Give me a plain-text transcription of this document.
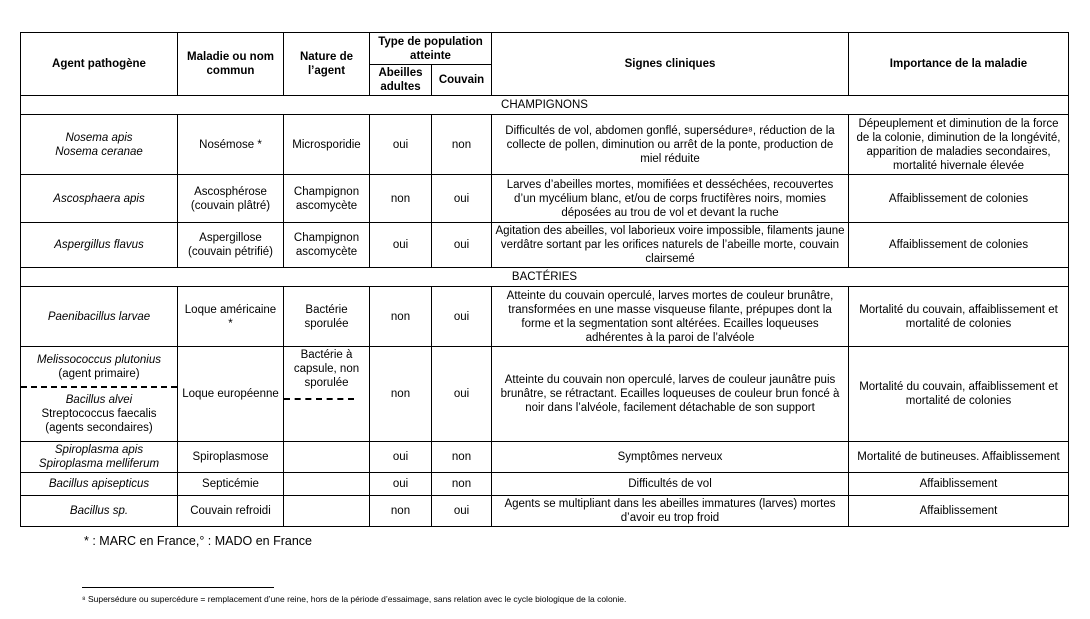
Agent pathogène	Maladie ou nom commun	Nature de l’agent	Type de population atteinte		Signes cliniques	Importance de la maladie
			Abeilles adultes	Couvain		
CHAMPIGNONS						
Nosema apis
Nosema ceranae	Nosémose *	Microsporidie	oui	non	Difficultés de vol, abdomen gonflé, supersédure⁸, réduction de la collecte de pollen, diminution ou arrêt de la ponte, production de miel réduite	Dépeuplement et diminution de la force de la colonie, diminution de la longévité, apparition de maladies secondaires, mortalité hivernale élevée
Ascosphaera apis	Ascosphérose (couvain plâtré)	Champignon ascomycète	non	oui	Larves d’abeilles mortes, momifiées et desséchées, recouvertes d’un mycélium blanc, et/ou de corps fructifères noirs, momies déposées au trou de vol et devant la ruche	Affaiblissement de colonies
Aspergillus flavus	Aspergillose (couvain pétrifié)	Champignon ascomycète	oui	oui	Agitation des abeilles, vol laborieux voire impossible, filaments jaune verdâtre sortant par les orifices naturels de l’abeille morte, couvain clairsemé	Affaiblissement de colonies
BACTÉRIES						
Paenibacillus larvae	Loque américaine *	Bactérie sporulée	non	oui	Atteinte du couvain operculé, larves mortes de couleur brunâtre, transformées en une masse visqueuse filante, prépupes dont la forme et la segmentation sont altérées. Ecailles loqueuses adhérentes à la paroi de l’alvéole	Mortalité du couvain, affaiblissement et mortalité de colonies
Melissococcus plutonius
(agent primaire)
Bacillus alvei
Streptococcus faecalis
(agents secondaires)	Loque européenne	Bactérie à capsule, non sporulée	non	oui	Atteinte du couvain non operculé, larves de couleur jaunâtre puis brunâtre, se rétractant. Ecailles loqueuses de couleur brun foncé à noir dans l’alvéole, facilement détachable de son support	Mortalité du couvain, affaiblissement et mortalité de colonies
Spiroplasma apis
Spiroplasma melliferum	Spiroplasmose		oui	non	Symptômes nerveux	Mortalité de butineuses. Affaiblissement
Bacillus apisepticus	Septicémie		oui	non	Difficultés de vol	Affaiblissement
Bacillus sp.	Couvain refroidi		non	oui	Agents se multipliant dans les abeilles immatures (larves) mortes d’avoir eu trop froid	Affaiblissement
* : MARC en France,° : MADO en France
⁸ Supersédure ou supercédure = remplacement d’une reine, hors de la période d’essaimage, sans relation avec le cycle biologique de la colonie.
